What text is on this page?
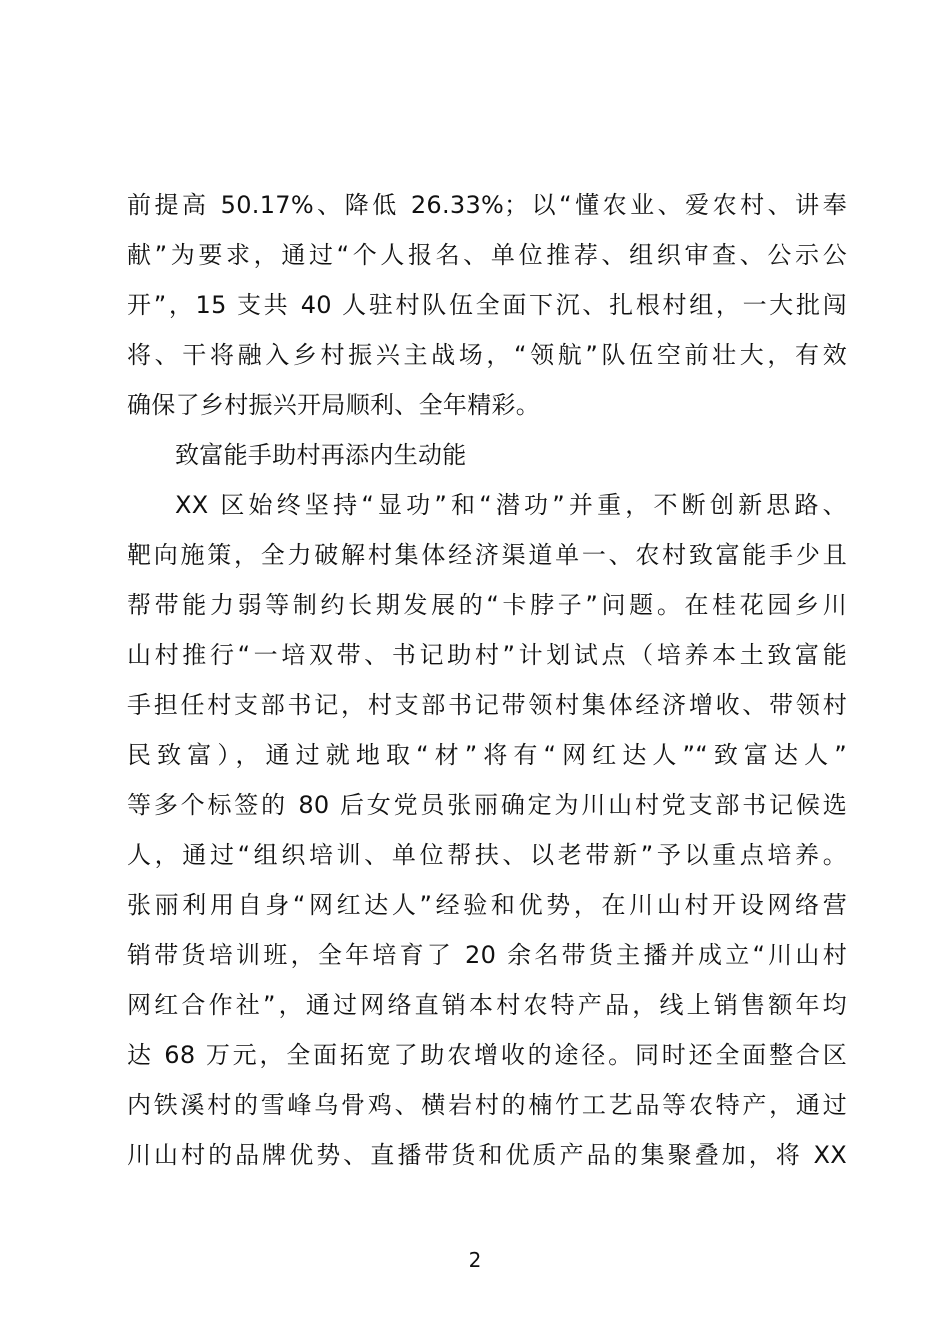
前提高 50.17%、降低 26.33%；以“懂农业、爱农村、讲奉
献”为要求，通过“个人报名、单位推荐、组织审查、公示公
开”，15 支共 40 人驻村队伍全面下沉、扎根村组，一大批闯
将、干将融入乡村振兴主战场，“领航”队伍空前壮大，有效
确保了乡村振兴开局顺利、全年精彩。
致富能手助村再添内生动能
XX 区始终坚持“显功”和“潜功”并重，不断创新思路、
靶向施策，全力破解村集体经济渠道单一、农村致富能手少且
帮带能力弱等制约长期发展的“卡脖子”问题。在桂花园乡川
山村推行“一培双带、书记助村”计划试点（培养本土致富能
手担任村支部书记，村支部书记带领村集体经济增收、带领村
民致富），通过就地取“材”将有“网红达人”“致富达人”
等多个标签的 80 后女党员张丽确定为川山村党支部书记候选
人，通过“组织培训、单位帮扶、以老带新”予以重点培养。
张丽利用自身“网红达人”经验和优势，在川山村开设网络营
销带货培训班，全年培育了 20 余名带货主播并成立“川山村
网红合作社”，通过网络直销本村农特产品，线上销售额年均
达 68 万元，全面拓宽了助农增收的途径。同时还全面整合区
内铁溪村的雪峰乌骨鸡、横岩村的楠竹工艺品等农特产，通过
川山村的品牌优势、直播带货和优质产品的集聚叠加，将 XX
2
